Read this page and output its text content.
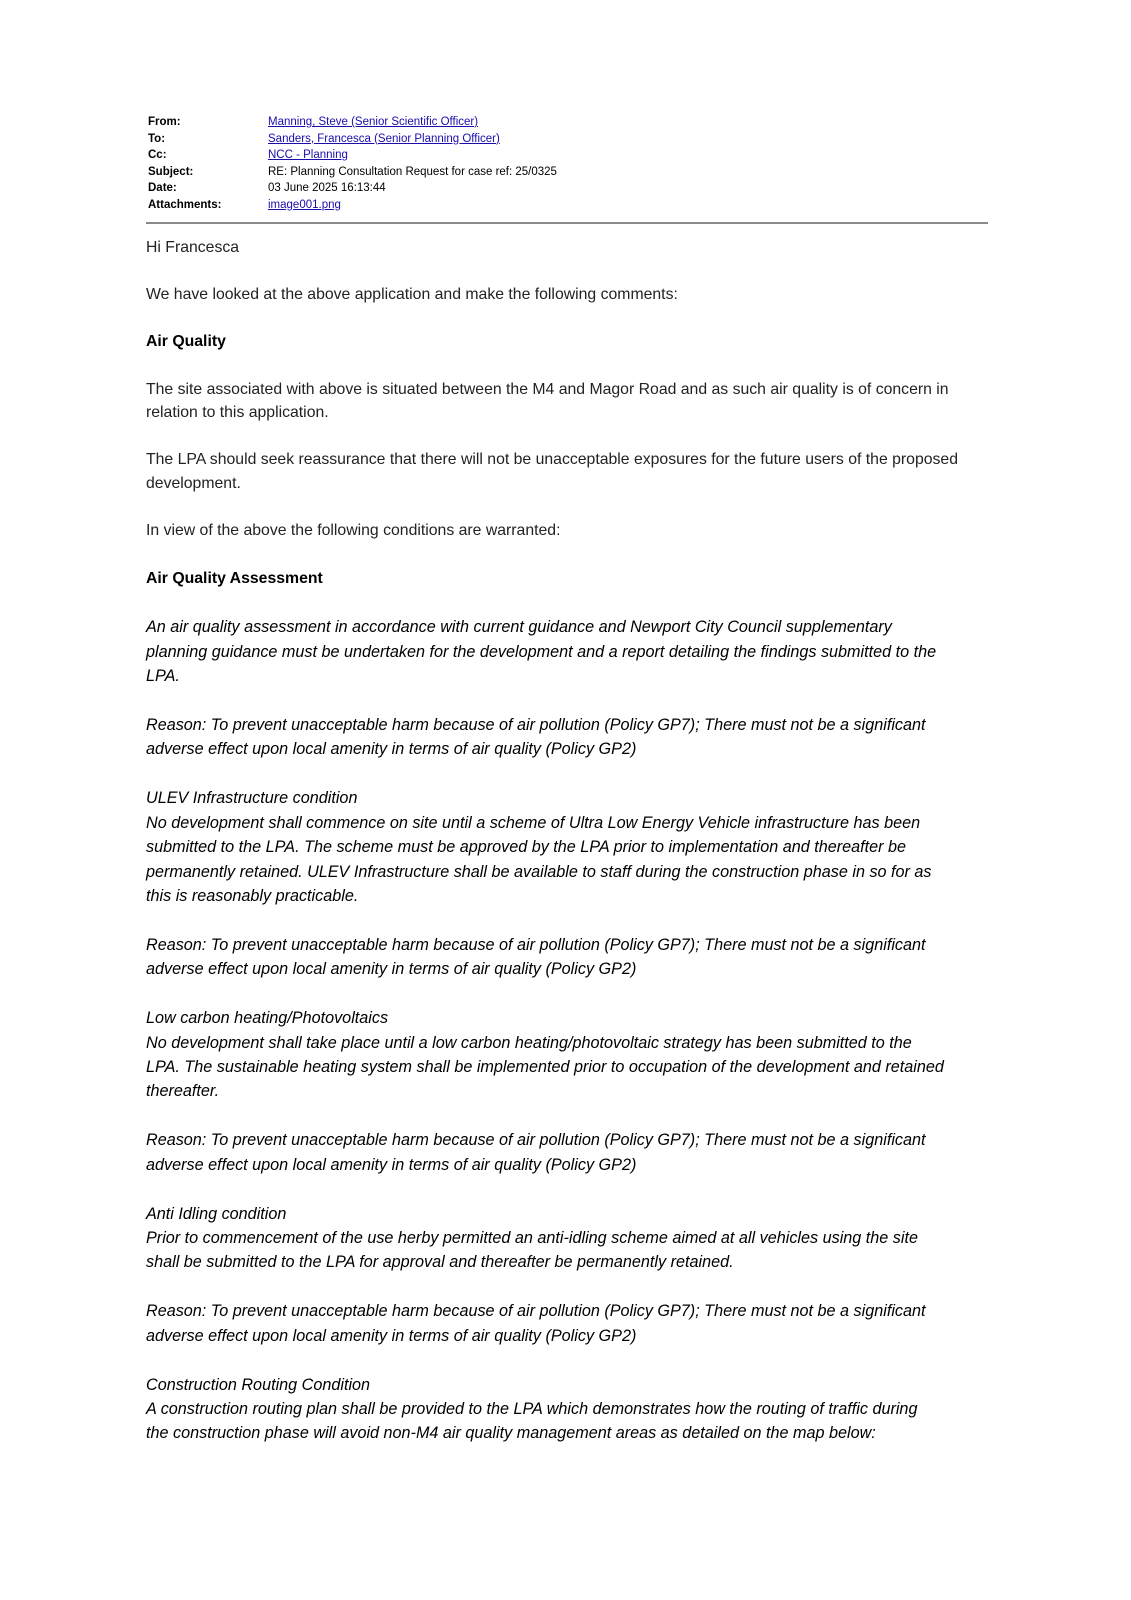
From:	Manning, Steve (Senior Scientific Officer)
To:	Sanders, Francesca (Senior Planning Officer)
Cc:	NCC - Planning
Subject:	RE: Planning Consultation Request for case ref: 25/0325
Date:	03 June 2025 16:13:44
Attachments:	image001.png

Hi Francesca

We have looked at the above application and make the following comments:

Air Quality

The site associated with above is situated between the M4 and Magor Road and as such air quality is of concern in

relation to this application.

The LPA should seek reassurance that there will not be unacceptable exposures for the future users of the proposed

development.

In view of the above the following conditions are warranted:

Air Quality Assessment

An air quality assessment in accordance with current guidance and Newport City Council supplementary

planning guidance must be undertaken for the development and a report detailing the findings submitted to the

LPA.

Reason: To prevent unacceptable harm because of air pollution (Policy GP7); There must not be a significant

adverse effect upon local amenity in terms of air quality (Policy GP2)

ULEV Infrastructure condition

No development shall commence on site until a scheme of Ultra Low Energy Vehicle infrastructure has been

submitted to the LPA. The scheme must be approved by the LPA prior to implementation and thereafter be

permanently retained. ULEV Infrastructure shall be available to staff during the construction phase in so for as

this is reasonably practicable.

Reason: To prevent unacceptable harm because of air pollution (Policy GP7); There must not be a significant

adverse effect upon local amenity in terms of air quality (Policy GP2)

Low carbon heating/Photovoltaics

No development shall take place until a low carbon heating/photovoltaic strategy has been submitted to the

LPA. The sustainable heating system shall be implemented prior to occupation of the development and retained

thereafter.

Reason: To prevent unacceptable harm because of air pollution (Policy GP7); There must not be a significant

adverse effect upon local amenity in terms of air quality (Policy GP2)

Anti Idling condition

Prior to commencement of the use herby permitted an anti-idling scheme aimed at all vehicles using the site

shall be submitted to the LPA for approval and thereafter be permanently retained.

Reason: To prevent unacceptable harm because of air pollution (Policy GP7); There must not be a significant

adverse effect upon local amenity in terms of air quality (Policy GP2)

Construction Routing Condition

A construction routing plan shall be provided to the LPA which demonstrates how the routing of traffic during

the construction phase will avoid non-M4 air quality management areas as detailed on the map below:
